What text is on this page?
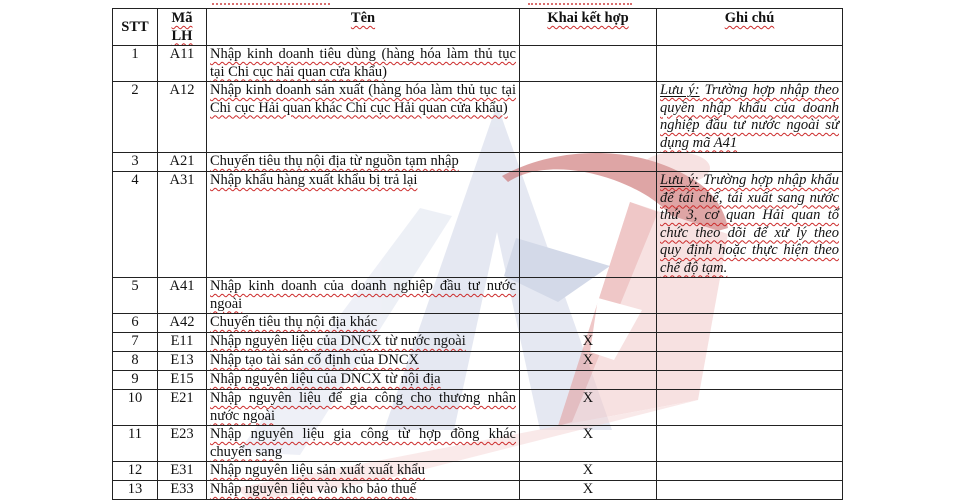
STT	Mã LH	Tên	Khai kết hợp	Ghi chú
1	A11	Nhập kinh doanh tiêu dùng (hàng hóa làm thủ tục tại Chi cục hải quan cửa khẩu)		
2	A12	Nhập kinh doanh sản xuất (hàng hóa làm thủ tục tại Chi cục Hải quan khác Chi cục Hải quan cửa khẩu)		Lưu ý: Trường hợp nhập theo quyền nhập khẩu của doanh nghiệp đầu tư nước ngoài sử dụng mã A41
3	A21	Chuyển tiêu thụ nội địa từ nguồn tạm nhập		
4	A31	Nhập khẩu hàng xuất khẩu bị trả lại		Lưu ý: Trường hợp nhập khẩu để tái chế, tái xuất sang nước thứ 3, cơ quan Hải quan tổ chức theo dõi để xử lý theo quy định hoặc thực hiện theo chế độ tạm.
5	A41	Nhập kinh doanh của doanh nghiệp đầu tư nước ngoài		
6	A42	Chuyển tiêu thụ nội địa khác		
7	E11	Nhập nguyên liệu của DNCX từ nước ngoài	X	
8	E13	Nhập tạo tài sản cố định của DNCX	X	
9	E15	Nhập nguyên liệu của DNCX từ nội địa		
10	E21	Nhập nguyên liệu để gia công cho thương nhân nước ngoài	X	
11	E23	Nhập nguyên liệu gia công từ hợp đồng khác chuyển sang	X	
12	E31	Nhập nguyên liệu sản xuất xuất khẩu	X	
13	E33	Nhập nguyên liệu vào kho bảo thuế	X	
